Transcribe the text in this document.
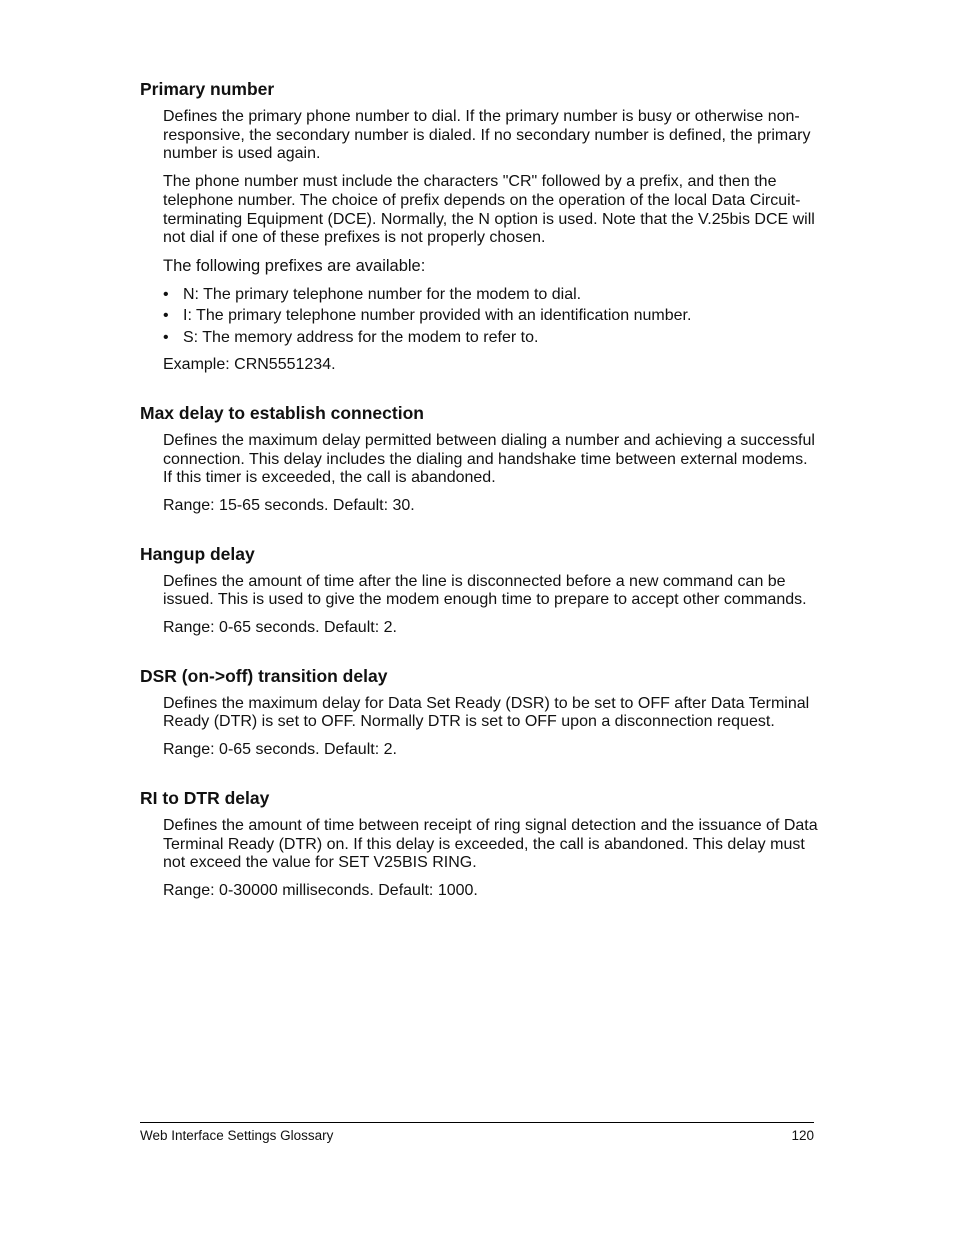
Primary number

Defines the primary phone number to dial. If the primary number is busy or otherwise non-responsive, the secondary number is dialed. If no secondary number is defined, the primary number is used again.

The phone number must include the characters "CR" followed by a prefix, and then the telephone number. The choice of prefix depends on the operation of the local Data Circuit-terminating Equipment (DCE). Normally, the N option is used. Note that the V.25bis DCE will not dial if one of these prefixes is not properly chosen.

The following prefixes are available:

• N: The primary telephone number for the modem to dial.
• I: The primary telephone number provided with an identification number.
• S: The memory address for the modem to refer to.

Example: CRN5551234.

Max delay to establish connection

Defines the maximum delay permitted between dialing a number and achieving a successful connection. This delay includes the dialing and handshake time between external modems. If this timer is exceeded, the call is abandoned.

Range: 15-65 seconds. Default: 30.

Hangup delay

Defines the amount of time after the line is disconnected before a new command can be issued. This is used to give the modem enough time to prepare to accept other commands.

Range: 0-65 seconds. Default: 2.

DSR (on->off) transition delay

Defines the maximum delay for Data Set Ready (DSR) to be set to OFF after Data Terminal Ready (DTR) is set to OFF. Normally DTR is set to OFF upon a disconnection request.

Range: 0-65 seconds. Default: 2.

RI to DTR delay

Defines the amount of time between receipt of ring signal detection and the issuance of Data Terminal Ready (DTR) on. If this delay is exceeded, the call is abandoned. This delay must not exceed the value for SET V25BIS RING.

Range: 0-30000 milliseconds. Default: 1000.

Web Interface Settings Glossary	120
